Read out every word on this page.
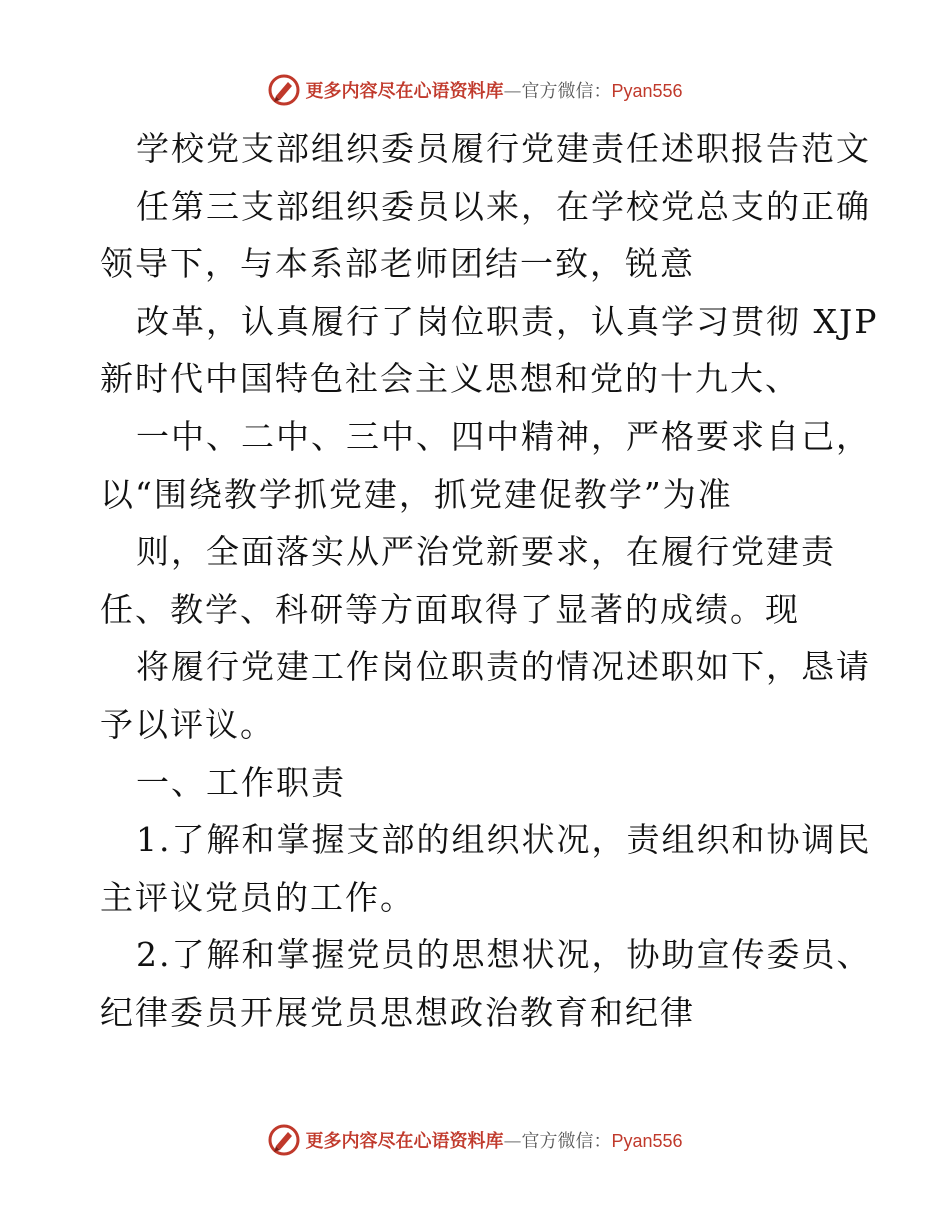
更多内容尽在心语资料库—官方微信：Pyan556
学校党支部组织委员履行党建责任述职报告范文
任第三支部组织委员以来，在学校党总支的正确
领导下，与本系部老师团结一致，锐意
改革，认真履行了岗位职责，认真学习贯彻 XJP
新时代中国特色社会主义思想和党的十九大、
一中、二中、三中、四中精神，严格要求自己，
以“围绕教学抓党建，抓党建促教学”为准
则，全面落实从严治党新要求，在履行党建责
任、教学、科研等方面取得了显著的成绩。现
将履行党建工作岗位职责的情况述职如下，恳请
予以评议。
一、工作职责
1.了解和掌握支部的组织状况，责组织和协调民
主评议党员的工作。
2.了解和掌握党员的思想状况，协助宣传委员、
纪律委员开展党员思想政治教育和纪律
更多内容尽在心语资料库—官方微信：Pyan556
